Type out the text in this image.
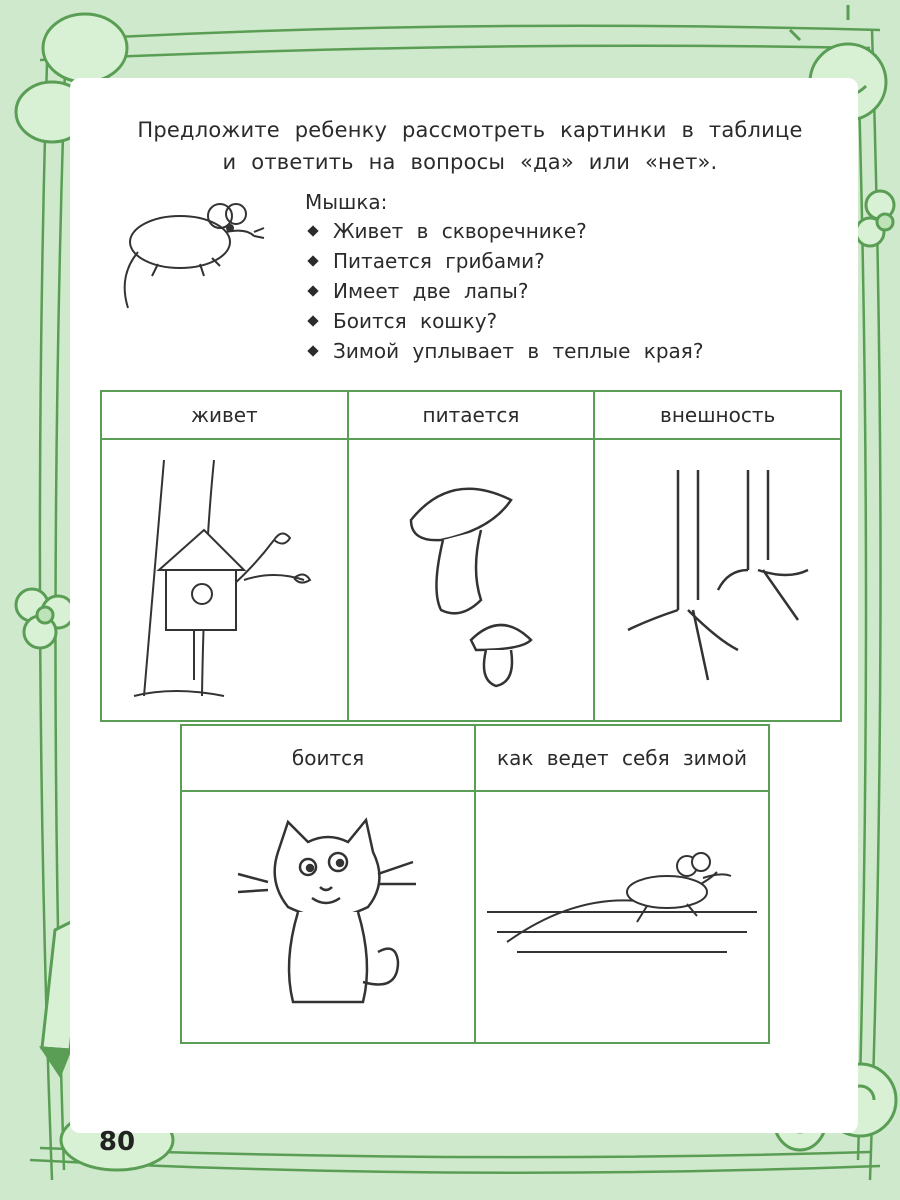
Предложите ребенку рассмотреть картинки в таблице
и ответить на вопросы «да» или «нет».
Мышка:
Живет в скворечнике?
Питается грибами?
Имеет две лапы?
Боится кошку?
Зимой уплывает в теплые края?
живет	питается	внешность

боится	как ведет себя зимой

80
